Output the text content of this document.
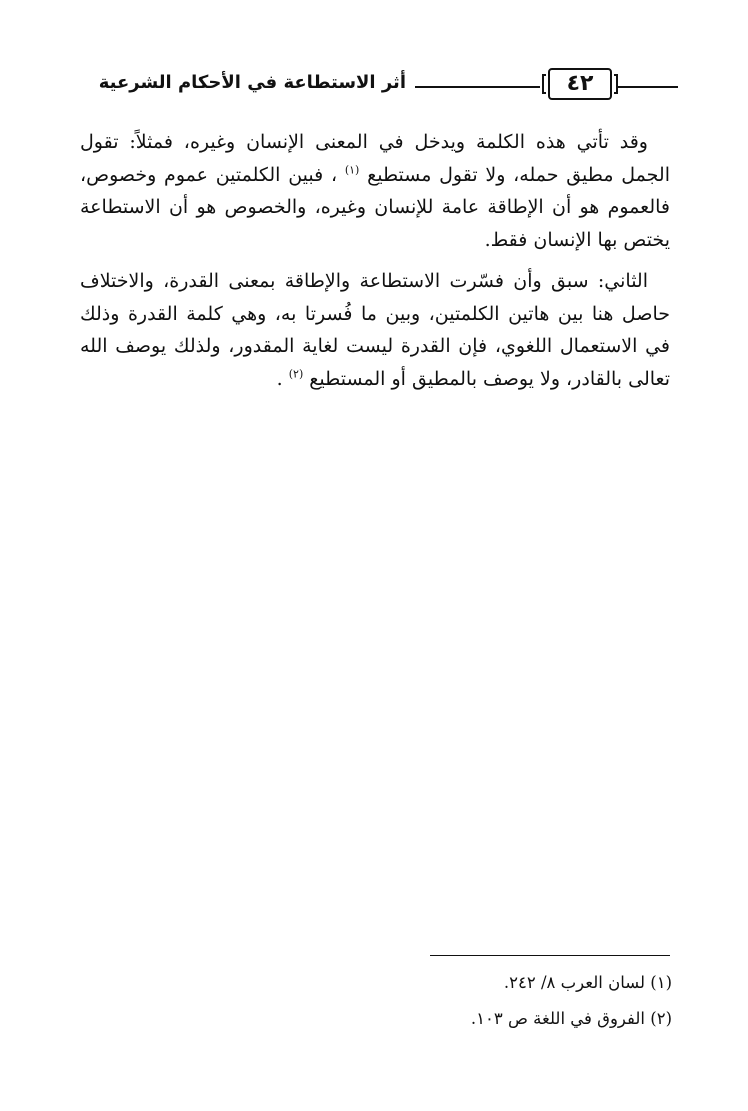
٤٢
أثر الاستطاعة في الأحكام الشرعية

وقد تأتي هذه الكلمة ويدخل في المعنى الإنسان وغيره، فمثلاً: تقول الجمل مطيق حمله، ولا تقول مستطيع $^{(١)}$ ، فبين الكلمتين عموم وخصوص، فالعموم هو أن الإطاقة عامة للإنسان وغيره، والخصوص هو أن الاستطاعة يختص بها الإنسان فقط.

الثاني: سبق وأن فسّرت الاستطاعة والإطاقة بمعنى القدرة، والاختلاف حاصل هنا بين هاتين الكلمتين، وبين ما فُسرتا به، وهي كلمة القدرة وذلك في الاستعمال اللغوي، فإن القدرة ليست لغاية المقدور، ولذلك يوصف الله تعالى بالقادر، ولا يوصف بالمطيق أو المستطيع $^{(٢)}$ .

(١) لسان العرب ٨/ ٢٤٢.

(٢) الفروق في اللغة ص ١٠٣.
